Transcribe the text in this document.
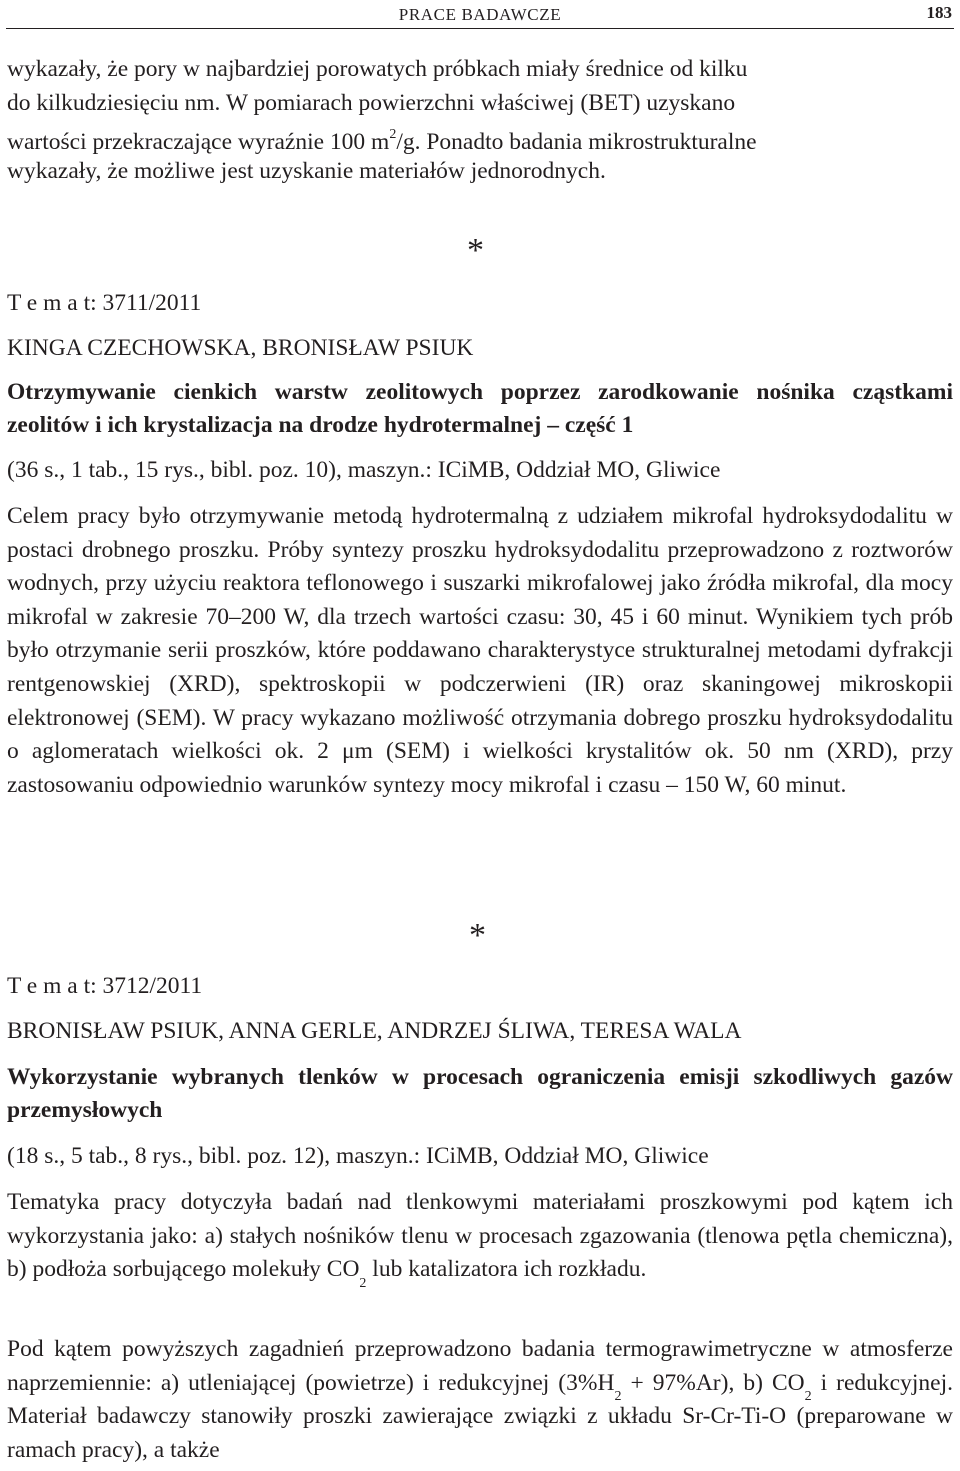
PRACE BADAWCZE	183
wykazały, że pory w najbardziej porowatych próbkach miały średnice od kilku
do kilkudziesięciu nm. W pomiarach powierzchni właściwej (BET) uzyskano
wartości przekraczające wyraźnie 100 $m^2/g$. Ponadto badania mikrostrukturalne
wykazały, że możliwe jest uzyskanie materiałów jednorodnych.
*
T e m a t: 3711/2011
KINGA CZECHOWSKA, BRONISŁAW PSIUK

Otrzymywanie cienkich warstw zeolitowych poprzez zarodkowanie nośnika cząstkami zeolitów i ich krystalizacja na drodze hydrotermalnej – część 1

(36 s., 1 tab., 15 rys., bibl. poz. 10), maszyn.: ICiMB, Oddział MO, Gliwice

Celem pracy było otrzymywanie metodą hydrotermalną z udziałem mikrofal hydroksydodalitu w postaci drobnego proszku. Próby syntezy proszku hydroksydodalitu przeprowadzono z roztworów wodnych, przy użyciu reaktora teflonowego i suszarki mikrofalowej jako źródła mikrofal, dla mocy mikrofal w zakresie 70–200 W, dla trzech wartości czasu: 30, 45 i 60 minut. Wynikiem tych prób było otrzymanie serii proszków, które poddawano charakterystyce strukturalnej metodami dyfrakcji rentgenowskiej (XRD), spektroskopii w podczerwieni (IR) oraz skaningowej mikroskopii elektronowej (SEM). W pracy wykazano możliwość otrzymania dobrego proszku hydroksydodalitu o aglomeratach wielkości ok. 2 μm (SEM) i wielkości krystalitów ok. 50 nm (XRD), przy zastosowaniu odpowiednio warunków syntezy mocy mikrofal i czasu – 150 W, 60 minut.

*
T e m a t: 3712/2011
BRONISŁAW PSIUK, ANNA GERLE, ANDRZEJ ŚLIWA, TERESA WALA

Wykorzystanie wybranych tlenków w procesach ograniczenia emisji szkodliwych gazów przemysłowych

(18 s., 5 tab., 8 rys., bibl. poz. 12), maszyn.: ICiMB, Oddział MO, Gliwice

Tematyka pracy dotyczyła badań nad tlenkowymi materiałami proszkowymi pod kątem ich wykorzystania jako: a) stałych nośników tlenu w procesach zgazowania (tlenowa pętla chemiczna), b) podłoża sorbującego molekuły $CO_2$ lub katalizatora ich rozkładu.

Pod kątem powyższych zagadnień przeprowadzono badania termograwimetryczne w atmosferze naprzemiennie: a) utleniającej (powietrze) i redukcyjnej $(3\%H_2 + 97\%Ar)$, b) $CO_2$ i redukcyjnej. Materiał badawczy stanowiły proszki zawierające związki z układu Sr-Cr-Ti-O (preparowane w ramach pracy), a także
